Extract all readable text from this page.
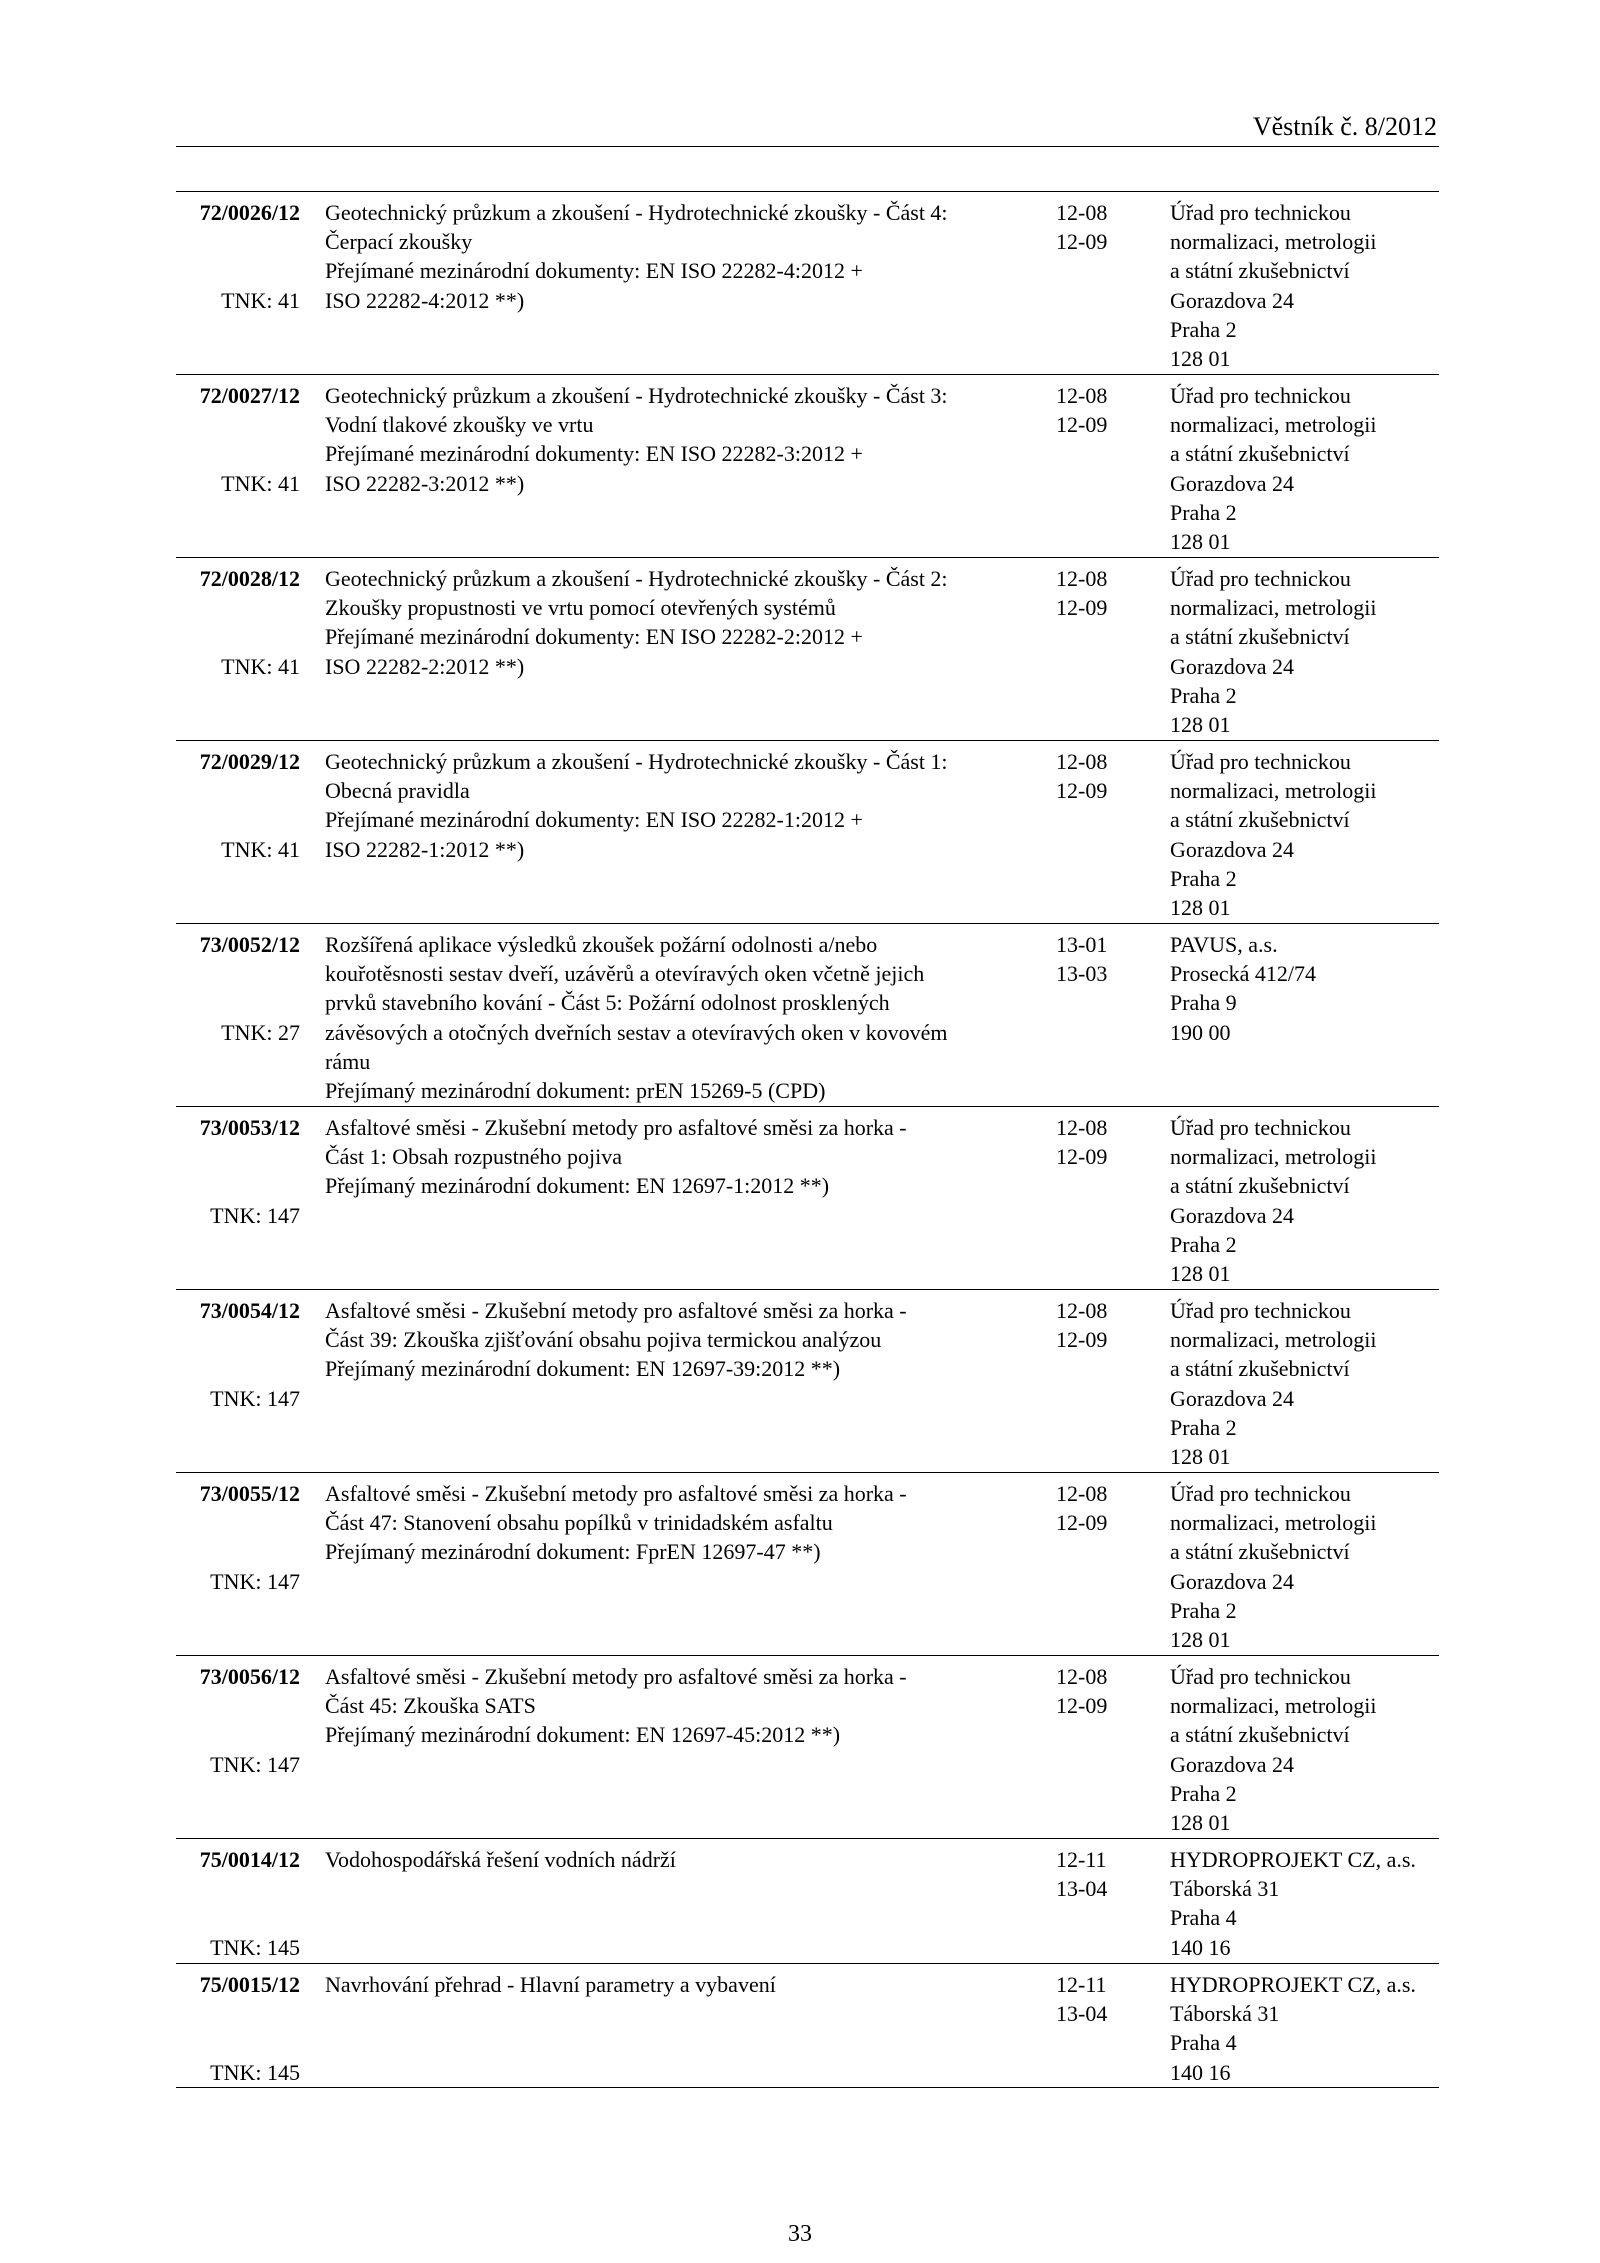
Věstník č. 8/2012
72/0026/12
TNK: 41
Geotechnický průzkum a zkoušení - Hydrotechnické zkoušky - Část 4:
Čerpací zkoušky
Přejímané mezinárodní dokumenty: EN ISO 22282-4:2012 +
ISO 22282-4:2012 **)
12-08
12-09
Úřad pro technickou
normalizaci, metrologii
a státní zkušebnictví
Gorazdova 24
Praha 2
128 01
72/0027/12
TNK: 41
Geotechnický průzkum a zkoušení - Hydrotechnické zkoušky - Část 3:
Vodní tlakové zkoušky ve vrtu
Přejímané mezinárodní dokumenty: EN ISO 22282-3:2012 +
ISO 22282-3:2012 **)
12-08
12-09
Úřad pro technickou
normalizaci, metrologii
a státní zkušebnictví
Gorazdova 24
Praha 2
128 01
72/0028/12
TNK: 41
Geotechnický průzkum a zkoušení - Hydrotechnické zkoušky - Část 2:
Zkoušky propustnosti ve vrtu pomocí otevřených systémů
Přejímané mezinárodní dokumenty: EN ISO 22282-2:2012 +
ISO 22282-2:2012 **)
12-08
12-09
Úřad pro technickou
normalizaci, metrologii
a státní zkušebnictví
Gorazdova 24
Praha 2
128 01
72/0029/12
TNK: 41
Geotechnický průzkum a zkoušení - Hydrotechnické zkoušky - Část 1:
Obecná pravidla
Přejímané mezinárodní dokumenty: EN ISO 22282-1:2012 +
ISO 22282-1:2012 **)
12-08
12-09
Úřad pro technickou
normalizaci, metrologii
a státní zkušebnictví
Gorazdova 24
Praha 2
128 01
73/0052/12
TNK: 27
Rozšířená aplikace výsledků zkoušek požární odolnosti a/nebo
kouřotěsnosti sestav dveří, uzávěrů a otevíravých oken včetně jejich
prvků stavebního kování - Část 5: Požární odolnost prosklených
závěsových a otočných dveřních sestav a otevíravých oken v kovovém
rámu
Přejímaný mezinárodní dokument: prEN 15269-5 (CPD)
13-01
13-03
PAVUS, a.s.
Prosecká 412/74
Praha 9
190 00
73/0053/12
TNK: 147
Asfaltové směsi - Zkušební metody pro asfaltové směsi za horka -
Část 1: Obsah rozpustného pojiva
Přejímaný mezinárodní dokument: EN 12697-1:2012 **)
12-08
12-09
Úřad pro technickou
normalizaci, metrologii
a státní zkušebnictví
Gorazdova 24
Praha 2
128 01
73/0054/12
TNK: 147
Asfaltové směsi - Zkušební metody pro asfaltové směsi za horka -
Část 39: Zkouška zjišťování obsahu pojiva termickou analýzou
Přejímaný mezinárodní dokument: EN 12697-39:2012 **)
12-08
12-09
Úřad pro technickou
normalizaci, metrologii
a státní zkušebnictví
Gorazdova 24
Praha 2
128 01
73/0055/12
TNK: 147
Asfaltové směsi - Zkušební metody pro asfaltové směsi za horka -
Část 47: Stanovení obsahu popílků v trinidadském asfaltu
Přejímaný mezinárodní dokument: FprEN 12697-47 **)
12-08
12-09
Úřad pro technickou
normalizaci, metrologii
a státní zkušebnictví
Gorazdova 24
Praha 2
128 01
73/0056/12
TNK: 147
Asfaltové směsi - Zkušební metody pro asfaltové směsi za horka -
Část 45: Zkouška SATS
Přejímaný mezinárodní dokument: EN 12697-45:2012 **)
12-08
12-09
Úřad pro technickou
normalizaci, metrologii
a státní zkušebnictví
Gorazdova 24
Praha 2
128 01
75/0014/12
TNK: 145
Vodohospodářská řešení vodních nádrží	12-11
13-04
HYDROPROJEKT CZ, a.s.
Táborská 31
Praha 4
140 16
75/0015/12
TNK: 145
Navrhování přehrad - Hlavní parametry a vybavení	12-11
13-04
HYDROPROJEKT CZ, a.s.
Táborská 31
Praha 4
140 16
33
